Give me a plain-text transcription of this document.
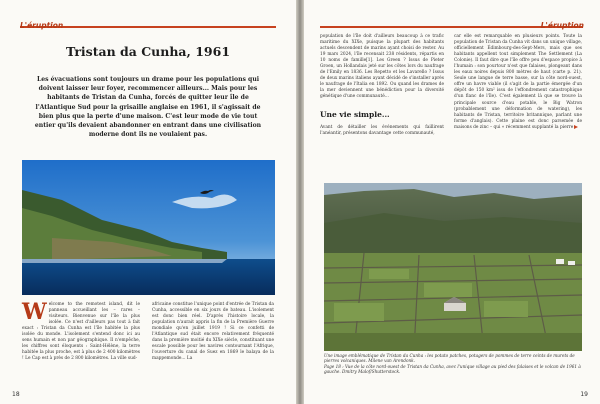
L'éruption
Tristan da Cunha, 1961

Les évacuations sont toujours un drame pour les populations qui doivent laisser leur foyer, recommencer ailleurs... Mais pour les habitants de Tristan da Cunha, forcés de quitter leur île de l'Atlantique Sud pour la grisaille anglaise en 1961, il s'agissait de bien plus que la perte d'une maison. C'est leur mode de vie tout entier qu'ils devaient abandonner en entrant dans une civilisation moderne dont ils ne voulaient pas.

Welcome to the remotest island, dit le panneau accueillant les – rares – visiteurs. Bienvenue sur l'île la plus isolée. Ce n'est d'ailleurs pas tout à fait exact : Tristan da Cunha est l'île habitée la plus isolée du monde. L'isolement s'entend donc ici au sens humain et non par géographique. Il n'empêche, les chiffres sont éloquents : Saint-Hélène, la terre habitée la plus proche, est à plus de 2 400 kilomètres ! Le Cap est à près de 2 800 kilomètres. La ville sud-

africaine constitue l'unique point d'entrée de Tristan da Cunha, accessible en six jours de bateau. L'isolement est donc bien réel. D'après l'histoire locale, la population n'aurait appris la fin de la Première Guerre mondiale qu'en juillet 1919 ! Si ce confetti de l'Atlantique sud était encore relativement fréquenté dans la première moitié du XIXe siècle, constituant une escale possible pour les navires contournant l'Afrique, l'ouverture du canal de Suez en 1869 le balaya de la mappemonde... La

18
L'éruption

population de l'île doit d'ailleurs beaucoup à ce trafic maritime du XIXe, puisque la plupart des habitants actuels descendent de marins ayant choisi de rester. Au 19 mars 2024, l'île recensait 238 résidents, répartis en 10 noms de famille[1]. Les Green ? Issus de Pieter Groen, un Hollandais jeté sur les côtes lors du naufrage de l'Emily en 1836. Les Repetto et les Lavarello ? Issus de deux marins italiens ayant décidé de s'installer après le naufrage de l'Italia en 1892. Ou quand les drames de la mer deviennent une bénédiction pour la diversité génétique d'une communauté...

Une vie simple...

Avant de détailler les événements qui faillirent l'anéantir, présentons davantage cette communauté,

car elle est remarquable en plusieurs points. Toute la population de Tristan da Cunha vit dans un unique village, officiellement Édimbourg-des-Sept-Mers, mais que ses habitants appellent tout simplement The Settlement (La Colonie). Il faut dire que l'île offre peu d'espace propice à l'humain : son pourtour n'est que falaises, plongeant dans les eaux noires depuis 800 mètres de haut (carte p. 21). Seule une langue de terre basse, sur la côte nord-ouest, offre un havre viable (il s'agit de la partie émergée d'un dépôt de 150 km² issu de l'effondrement catastrophique d'un flanc de l'île). C'est également là que se trouve la principale source d'eau potable, le Big Watron (probablement une déformation de watering), les habitants de Tristan, territoire britannique, parlant une forme d'anglais). Cette plaine est donc parsemée de maisons de zinc – qui « récemment supplanté la pierre

Une image emblématique de Tristan da Cunha : les potato patches, potagers de pommes de terre ceints de murets de pierres volcaniques. Milene van Arendonk.
Page 18 : Vue de la côte nord-ouest de Tristan da Cunha, avec l'unique village au pied des falaises et le volcan de 1961 à gauche. Dmitry Malof/Shutterstock.

19
